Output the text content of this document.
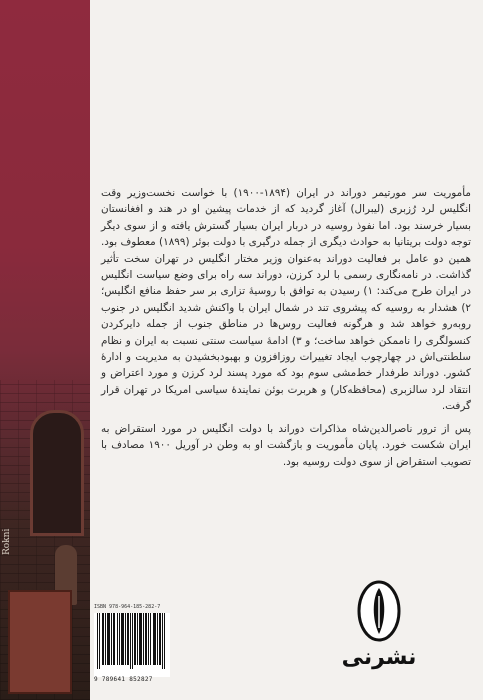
Rokni

مأموریت سر مورتیمر دوراند در ایران (۱۸۹۴-۱۹۰۰) با خواست نخست‌وزیر وقت انگلیس لرد رُزبری (لیبرال) آغاز گردید که از خدمات پیشین او در هند و افغانستان بسیار خرسند بود. اما نفوذ روسیه در دربار ایران بسیار گسترش یافته و از سوی دیگر توجه دولت بریتانیا به حوادث دیگری از جمله درگیری با دولت بوئر (۱۸۹۹) معطوف بود. همین دو عامل بر فعالیت دوراند به‌عنوان وزیر مختار انگلیس در تهران سخت تأثیر گذاشت. در نامه‌نگاری رسمی با لرد کرزن، دوراند سه راه برای وضع سیاست انگلیس در ایران طرح می‌کند: ۱) رسیدن به توافق با روسیهٔ تزاری بر سر حفظ منافع انگلیس؛ ۲) هشدار به روسیه که پیشروی تند در شمال ایران با واکنش شدید انگلیس در جنوب روبه‌رو خواهد شد و هرگونه فعالیت روس‌ها در مناطق جنوب از جمله دایرکردن کنسولگری را ناممکن خواهد ساخت؛ و ۳) ادامهٔ سیاست سنتی نسبت به ایران و نظام سلطنتی‌اش در چهارچوب ایجاد تغییرات روزافزون و بهبودبخشیدن به مدیریت و ادارهٔ کشور. دوراند طرفدار خط‌مشی سوم بود که مورد پسند لرد کرزن و مورد اعتراض و انتقاد لرد سالزبری (محافظه‌کار) و هربرت بوئن نمایندهٔ سیاسی امریکا در تهران قرار گرفت.

پس از ترور ناصرالدین‌شاه مذاکرات دوراند با دولت انگلیس در مورد استقراض به ایران شکست خورد. پایان مأموریت و بازگشت او به وطن در آوریل ۱۹۰۰ مصادف با تصویب استقراض از سوی دولت روسیه بود.

ISBN 978-964-185-282-7
9 789641 852827
نشرنی
